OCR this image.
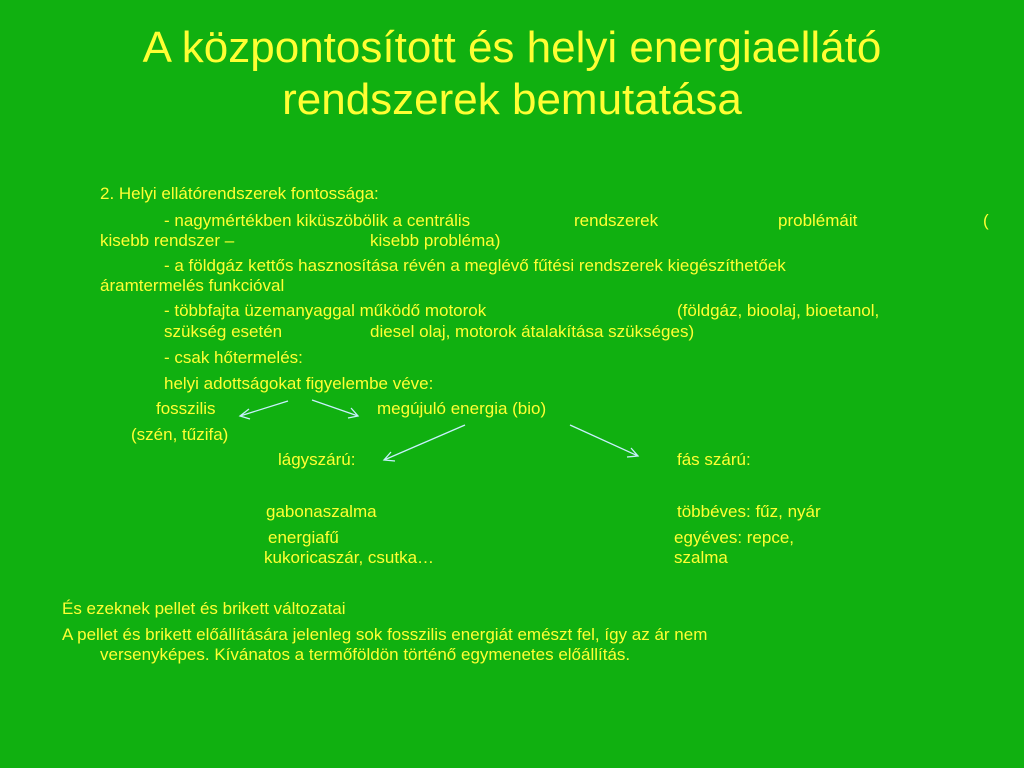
A központosított és helyi energiaellátó
rendszerek bemutatása
2. Helyi ellátórendszerek fontossága:
- nagymértékben kiküszöbölik a centrális	rendszerek	problémáit	(
kisebb rendszer –	kisebb probléma)
- a földgáz kettős hasznosítása révén a meglévő fűtési rendszerek kiegészíthetőek
áramtermelés funkcióval
- többfajta üzemanyaggal működő motorok	(földgáz, bioolaj, bioetanol,
szükség esetén	diesel olaj, motorok átalakítása szükséges)
- csak hőtermelés:
helyi adottságokat figyelembe véve:
fosszilis	megújuló energia (bio)
(szén, tűzifa)
lágyszárú:	fás szárú:
gabonaszalma	többéves: fűz, nyár
energiafű	egyéves: repce,
kukoricaszár, csutka…	szalma
És ezeknek pellet és brikett változatai
A pellet és brikett előállítására jelenleg sok fosszilis energiát emészt fel, így az ár nem
versenyképes. Kívánatos a termőföldön történő egymenetes előállítás.
